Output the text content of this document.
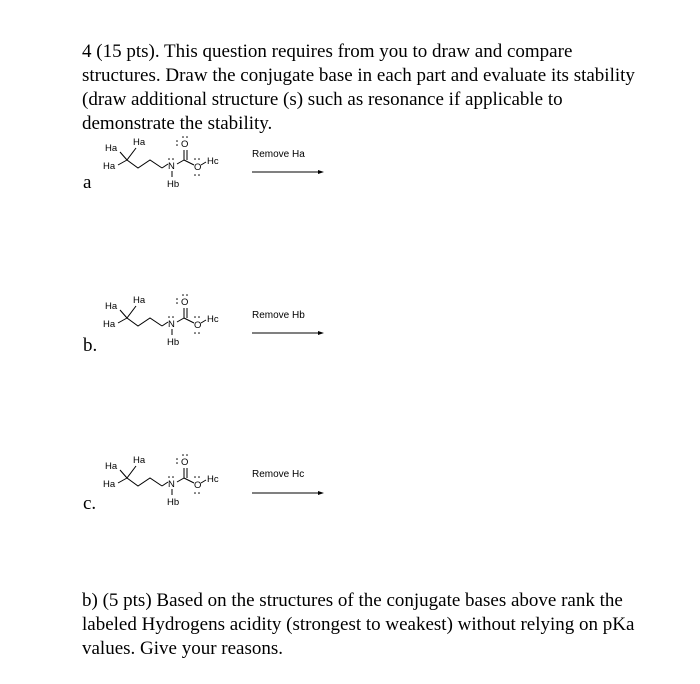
4 (15 pts). This question requires from you to draw and compare structures. Draw the conjugate base in each part and evaluate its stability (draw additional structure (s) such as resonance if applicable to demonstrate the stability.

a
Ha
Ha
Ha	N
Hb
O
O
Hc
Remove Ha
b.
Ha
Ha
Ha	N
Hb
O
O
Hc	Remove Hb
c.
Ha
Ha
Ha	N
Hb
O
O
Hc	Remove Hc

b) (5 pts) Based on the structures of the conjugate bases above rank the labeled Hydrogens acidity (strongest to weakest) without relying on pKa values. Give your reasons.
